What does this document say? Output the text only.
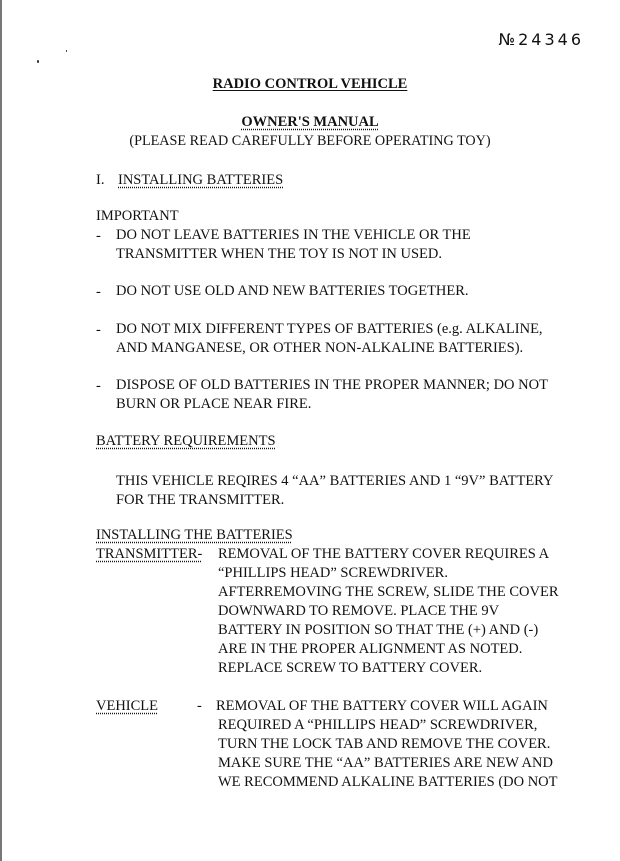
№24346
RADIO CONTROL VEHICLE
OWNER'S MANUAL
(PLEASE READ CAREFULLY BEFORE OPERATING TOY)
I. INSTALLING BATTERIES
IMPORTANT
- DO NOT LEAVE BATTERIES IN THE VEHICLE OR THE
TRANSMITTER WHEN THE TOY IS NOT IN USED.
- DO NOT USE OLD AND NEW BATTERIES TOGETHER.
- DO NOT MIX DIFFERENT TYPES OF BATTERIES (e.g. ALKALINE,
AND MANGANESE, OR OTHER NON-ALKALINE BATTERIES).
- DISPOSE OF OLD BATTERIES IN THE PROPER MANNER; DO NOT
BURN OR PLACE NEAR FIRE.
BATTERY REQUIREMENTS
THIS VEHICLE REQIRES 4 “AA” BATTERIES AND 1 “9V” BATTERY
FOR THE TRANSMITTER.
INSTALLING THE BATTERIES
TRANSMITTER- REMOVAL OF THE BATTERY COVER REQUIRES A
“PHILLIPS HEAD” SCREWDRIVER.
AFTERREMOVING THE SCREW, SLIDE THE COVER
DOWNWARD TO REMOVE. PLACE THE 9V
BATTERY IN POSITION SO THAT THE (+) AND (-)
ARE IN THE PROPER ALIGNMENT AS NOTED.
REPLACE SCREW TO BATTERY COVER.
VEHICLE	- REMOVAL OF THE BATTERY COVER WILL AGAIN
REQUIRED A “PHILLIPS HEAD” SCREWDRIVER,
TURN THE LOCK TAB AND REMOVE THE COVER.
MAKE SURE THE “AA” BATTERIES ARE NEW AND
WE RECOMMEND ALKALINE BATTERIES (DO NOT
